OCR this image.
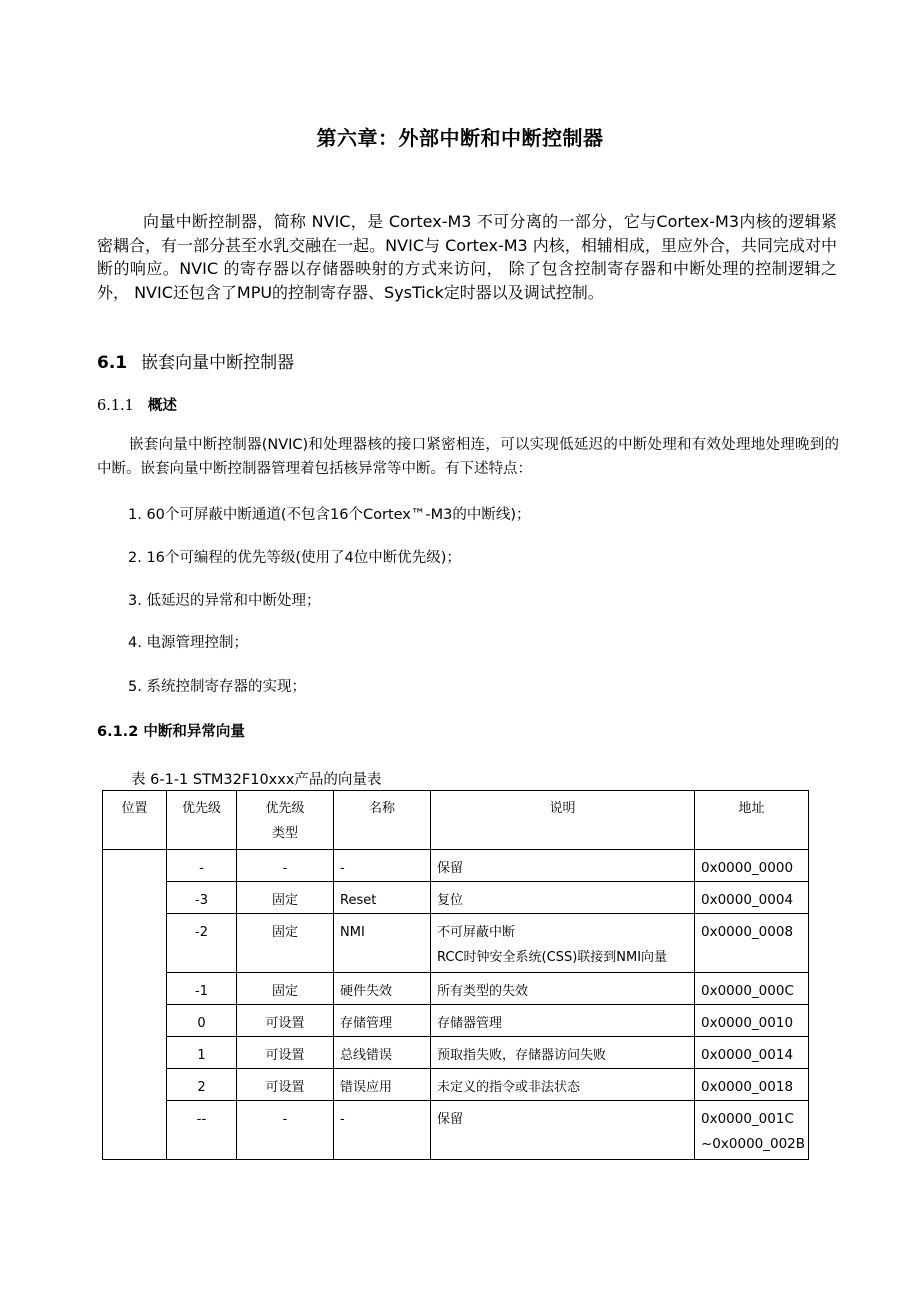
第六章：外部中断和中断控制器

向量中断控制器，简称 NVIC，是 Cortex‐M3 不可分离的一部分，它与Cortex-M3内核的逻辑紧密耦合，有一部分甚至水乳交融在一起。NVIC与 Cortex-M3 内核，相辅相成，里应外合，共同完成对中断的响应。NVIC 的寄存器以存储器映射的方式来访问， 除了包含控制寄存器和中断处理的控制逻辑之外， NVIC还包含了MPU的控制寄存器、SysTick定时器以及调试控制。

6.1 嵌套向量中断控制器
6.1.1 概述

嵌套向量中断控制器(NVIC)和处理器核的接口紧密相连，可以实现低延迟的中断处理和有效处理地处理晚到的中断。嵌套向量中断控制器管理着包括核异常等中断。有下述特点：

1. 60个可屏蔽中断通道(不包含16个Cortex™-M3的中断线)；
2. 16个可编程的优先等级(使用了4位中断优先级)；
3. 低延迟的异常和中断处理；
4. 电源管理控制；
5. 系统控制寄存器的实现；
6.1.2 中断和异常向量
表 6-1-1 STM32F10xxx产品的向量表
位置	优先级	优先级
类型	名称	说明	地址
	-	-	-	保留	0x0000_0000
	-3	固定	Reset	复位	0x0000_0004
	-2	固定	NMI	不可屏蔽中断
RCC时钟安全系统(CSS)联接到NMI向量	0x0000_0008
	-1	固定	硬件失效	所有类型的失效	0x0000_000C
	0	可设置	存储管理	存储器管理	0x0000_0010
	1	可设置	总线错误	预取指失败，存储器访问失败	0x0000_0014
	2	可设置	错误应用	未定义的指令或非法状态	0x0000_0018
	--	-	-	保留	0x0000_001C
~0x0000_002B
